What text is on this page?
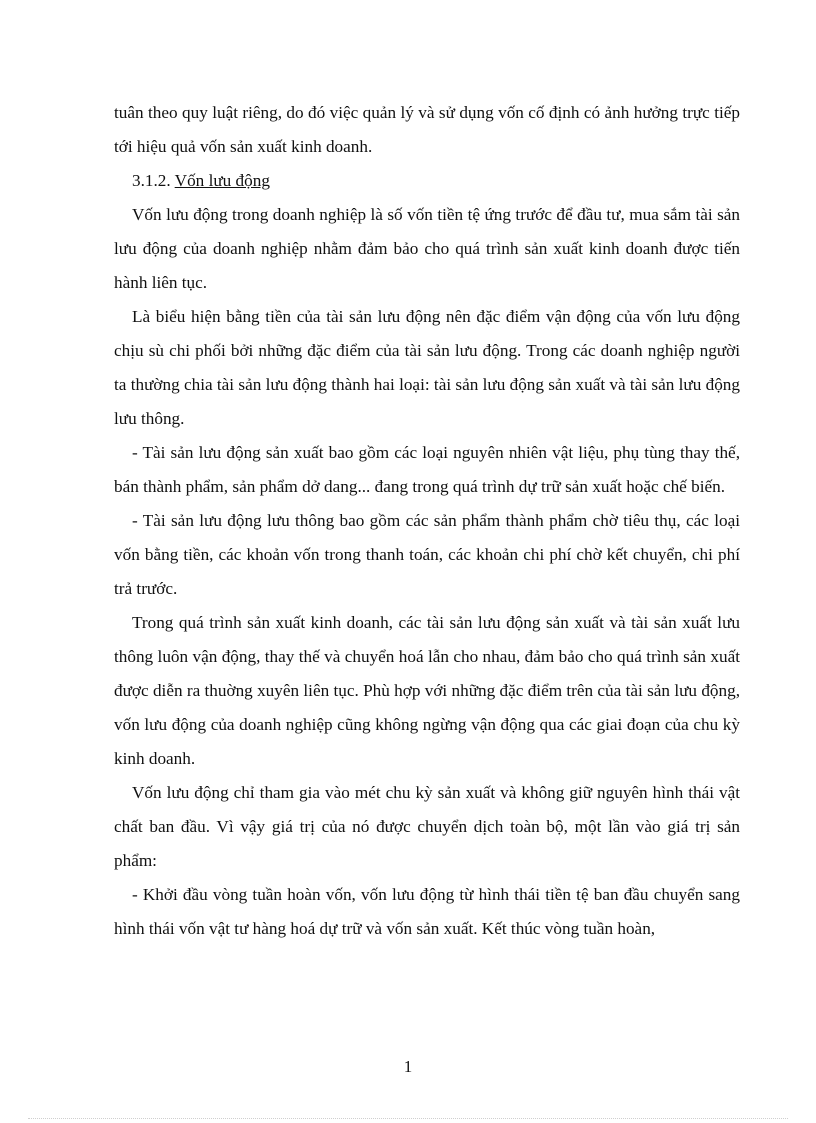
tuân theo quy luật riêng, do đó việc quản lý và sử dụng vốn cố định có ảnh hưởng trực tiếp tới hiệu quả vốn sản xuất kinh doanh.

3.1.2. Vốn lưu động

Vốn lưu động trong doanh nghiệp là số vốn tiền tệ ứng trước để đầu tư, mua sắm tài sản lưu động của doanh nghiệp nhằm đảm bảo cho quá trình sản xuất kinh doanh được tiến hành liên tục.

Là biểu hiện bằng tiền của tài sản lưu động nên đặc điểm vận động của vốn lưu động chịu sù chi phối bởi những đặc điểm của tài sản lưu động. Trong các doanh nghiệp người ta thường chia tài sản lưu động thành hai loại: tài sản lưu động sản xuất và tài sản lưu động lưu thông.

- Tài sản lưu động sản xuất bao gồm các loại nguyên nhiên vật liệu, phụ tùng thay thế, bán thành phẩm, sản phẩm dở dang... đang trong quá trình dự trữ sản xuất hoặc chế biến.

- Tài sản lưu động lưu thông bao gồm các sản phẩm thành phẩm chờ tiêu thụ, các loại vốn bằng tiền, các khoản vốn trong thanh toán, các khoản chi phí chờ kết chuyển, chi phí trả trước.

Trong quá trình sản xuất kinh doanh, các tài sản lưu động sản xuất và tài sản xuất lưu thông luôn vận động, thay thế và chuyển hoá lẫn cho nhau, đảm bảo cho quá trình sản xuất được diễn ra thuờng xuyên liên tục. Phù hợp với những đặc điểm trên của tài sản lưu động, vốn lưu động của doanh nghiệp cũng không ngừng vận động qua các giai đoạn của chu kỳ kinh doanh.

Vốn lưu động chỉ tham gia vào mét chu kỳ sản xuất và không giữ nguyên hình thái vật chất ban đầu. Vì vậy giá trị của nó được chuyển dịch toàn bộ, một lần vào giá trị sản phẩm:

- Khởi đầu vòng tuần hoàn vốn, vốn lưu động từ hình thái tiền tệ ban đầu chuyển sang hình thái vốn vật tư hàng hoá dự trữ và vốn sản xuất. Kết thúc vòng tuần hoàn,

1
